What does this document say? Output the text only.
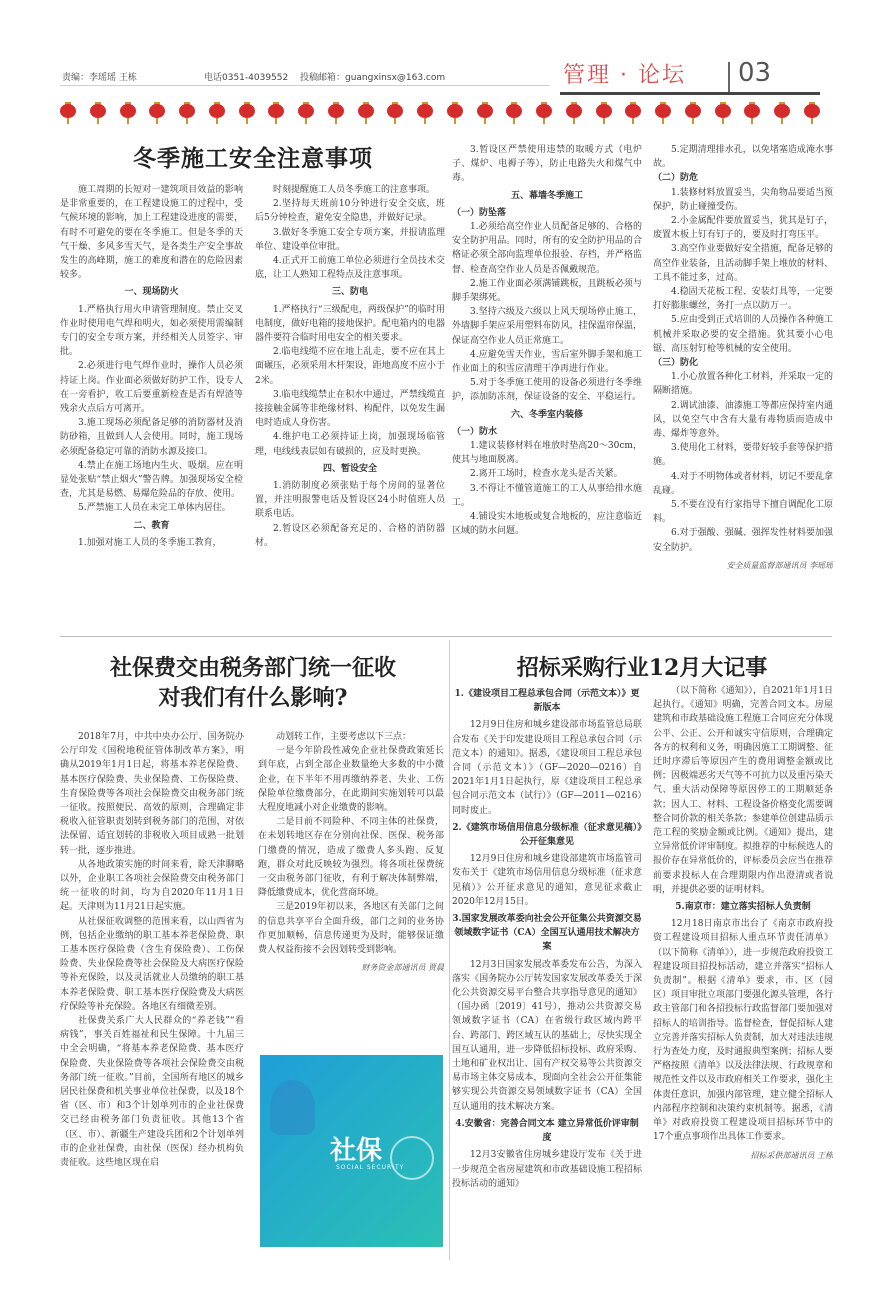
责编：李瑶瑶 王栋	电话0351-4039552 投稿邮箱：guangxinsx@163.com	管理 · 论坛 03
冬季施工安全注意事项

施工周期的长短对一建筑项目效益的影响是非常重要的，在工程建设施工的过程中，受气候环境的影响，加上工程建设进度的需要，有时不可避免的要在冬季施工。但是冬季的天气干燥、多风多雪天气，是各类生产安全事故发生的高峰期，施工的难度和潜在的危险因素较多。

一、现场防火

1.严格执行用火申请管理制度。禁止交叉作业时使用电气焊和明火，如必须使用需编制专门的安全专项方案，并经相关人员签字、审批。

2.必须进行电气焊作业时，操作人员必须持证上岗。作业面必须做好防护工作，设专人在一旁看护，收工后要重新检查是否有焊渣等残余火点后方可离开。

3.施工现场必须配备足够的消防器材及消防砂箱，且做到人人会使用。同时，施工现场必须配备稳定可靠的消防水源及接口。

4.禁止在施工场地内生火、吸烟。应在明显处张贴“禁止烟火”警告牌。加强现场安全检查，尤其是易燃、易爆危险品的存放、使用。

5.严禁施工人员在未完工单体内居住。

二、教育

1.加强对施工人员的冬季施工教育，

时刻提醒施工人员冬季施工的注意事项。

2.坚持每天班前10分钟进行安全交底，班后5分钟检查，避免安全隐患，并做好记录。

3.做好冬季施工安全专项方案，并报请监理单位、建设单位审批。

4.正式开工前施工单位必须进行全员技术交底，让工人熟知工程特点及注意事项。

三、防电

1.严格执行“三级配电，两级保护”的临时用电制度，做好电箱的接地保护。配电箱内的电器器件要符合临时用电安全的相关要求。

2.临电线缆不应在地上乱走，要不应在其上面碾压，必须采用木杆架设，距地高度不应小于2米。

3.临电线缆禁止在积水中通过，严禁线缆直接接触金属等非绝缘材料、构配件，以免发生漏电时造成人身伤害。

4.维护电工必须持证上岗，加强现场临管理，电线线表层如有破损的，应及时更换。

四、暂设安全

1.消防制度必须张贴于每个房间的显著位置，并注明报警电话及暂设区24小时值班人员联系电话。

2.暂设区必须配备充足的、合格的消防器材。

3.暂设区严禁使用违禁的取暖方式（电炉子、煤炉、电褥子等），防止电路失火和煤气中毒。

五、幕墙冬季施工

（一）防坠落

1.必须给高空作业人员配备足够的、合格的安全防护用品。同时，所有的安全防护用品的合格证必须全部向监理单位报验、存档，并严格监督、检查高空作业人员是否佩戴规范。

2.施工作业面必须满铺跳板，且跳板必须与脚手架绑死。

3.坚持六级及六级以上风天现场停止施工，外墙脚手架应采用塑料布防风，挂保温帘保温，保证高空作业人员正常施工。

4.应避免雪天作业，雪后室外脚手架和施工作业面上的积雪应清理干净再进行作业。

5.对于冬季施工使用的设备必须进行冬季维护，添加防冻剂，保证设备的安全、平稳运行。

六、冬季室内装修

（一）防水

1.建议装修材料在堆放时垫高20～30cm，使其与地面脱离。

2.离开工场时，检查水龙头是否关紧。

3.不得让不懂管道施工的工人从事给排水施工。

4.铺设实木地板或复合地板的，应注意临近区域的防水问题。

5.定期清理排水孔，以免堵塞造成淹水事故。

（二）防危

1.装修材料放置妥当，尖角物品要适当预保护，防止碰撞受伤。

2.小金属配件要放置妥当，犹其是钉子，废置木板上钉有钉子的，要及时打弯压平。

3.高空作业要做好安全措施，配备足够的高空作业装备，且活动脚手架上堆放的材料、工具不能过多，过高。

4.稳固天花板工程、安装灯具等，一定要打好膨胀螺丝，务打一点以防万一。

5.应由受到正式培训的人员操作各种施工机械并采取必要的安全措施。犹其要小心电锯、高压射钉枪等机械的安全使用。

（三）防化

1.小心放置各种化工材料，并采取一定的隔断措施。

2.调试油漆、油漆施工等都应保持室内通风，以免空气中含有大量有毒物质而造成中毒、爆炸等意外。

3.使用化工材料，要带好较手套等保护措施。

4.对于不明物体或者材料，切记不要乱拿乱碰。

5.不要在没有行家指导下擅自调配化工原料。

6.对于强酸、强碱、强挥发性材料要加强安全防护。

安全质量监督部通讯员 李瑶瑶

社保费交由税务部门统一征收
对我们有什么影响?

2018年7月，中共中央办公厅、国务院办公厅印发《国税地税征管体制改革方案》，明确从2019年1月1日起，将基本养老保险费、基本医疗保险费、失业保险费、工伤保险费、生育保险费等各项社会保险费交由税务部门统一征收。按照便民、高效的原则，合理确定非税收入征管职责划转到税务部门的范围，对依法保留、适宜划转的非税收入项目成熟一批划转一批，逐步推进。

从各地政策实施的时间来看，除天津聊略以外，企业职工各项社会保险费交由税务部门统一征收的时间，均为自2020年11月1日起。天津则为11月21日起实施。

从社保征收调整的范围来看，以山西省为例，包括企业缴纳的职工基本养老保险费、职工基本医疗保险费（含生育保险费）、工伤保险费、失业保险费等社会保险及大病医疗保险等补充保险，以及灵活就业人员缴纳的职工基本养老保险费、职工基本医疗保险费及大病医疗保险等补充保险。各地区有细微差别。

社保费关系广大人民群众的“养老钱”“看病钱”，事关百姓福祉和民生保障。十九届三中全会明确，“将基本养老保险费、基本医疗保险费、失业保险费等各项社会保险费交由税务部门统一征收。”目前，全国所有地区的城乡居民社保费和机关事业单位社保费，以及18个省（区、市）和3个计划单列市的企业社保费交已经由税务部门负责征收。其他13个省（区、市）、新疆生产建设兵团和2个计划单列市的企业社保费，由社保（医保）经办机构负责征收。这些地区现在启

动划转工作，主要考虑以下三点：

一是今年阶段性减免企业社保费政策延长到年底，占到全部企业数量绝大多数的中小微企业，在下半年不用再缴纳养老、失业、工伤保险单位缴费部分，在此期间实施划转可以最大程度地减小对企业缴费的影响。

二是目前不同险种、不同主体的社保费，在未划转地区存在分别向社保、医保、税务部门缴费的情况，造成了缴费人多头跑、反复跑，群众对此反映较为强烈。将各项社保费统一交由税务部门征收，有利于解决体制弊端，降低缴费成本，优化营商环境。

三是2019年初以来，各地区有关部门之间的信息共享平台全面升级，部门之间的业务协作更加顺畅，信息传递更为及时，能够保证缴费人权益衔接不会因划转受到影响。

财务资金部通讯员 贾晨

社保
SOCIAL SECURITY
招标采购行业12月大记事
1.《建设项目工程总承包合同（示范文本）》更新版本

12月9日住房和城乡建设部市场监管总局联合发布《关于印发建设项目工程总承包合同（示范文本）的通知》。据悉，《建设项目工程总承包合同（示范文本）》（GF—2020—0216）自2021年1月1日起执行，原《建设项目工程总承包合同示范文本（试行）》（GF—2011—0216）同时废止。

2.《建筑市场信用信息分级标准（征求意见稿）》公开征集意见

12月9日住房和城乡建设部建筑市场监管司发布关于《建筑市场信用信息分级标准（征求意见稿）》公开征求意见的通知，意见征求截止2020年12月15日。

3.国家发展改革委向社会公开征集公共资源交易领域数字证书（CA）全国互认通用技术解决方案

12月3日国家发展改革委发布公告，为深入落实《国务院办公厅转发国家发展改革委关于深化公共资源交易平台整合共享指导意见的通知》（国办函〔2019〕41号），推动公共资源交易领域数字证书（CA）在省级行政区域内跨平台、跨部门、跨区域互认的基础上，尽快实现全国互认通用，进一步降低招标投标、政府采购、土地和矿业权出让、国有产权交易等公共资源交易市场主体交易成本，现面向全社会公开征集能够实现公共资源交易领域数字证书（CA）全国互认通用的技术解决方案。

4.安徽省：完善合同文本 建立异常低价评审制度

12月3安徽省住房城乡建设厅发布《关于进一步规范全省房屋建筑和市政基础设施工程招标投标活动的通知》

（以下简称《通知》），自2021年1月1日起执行。《通知》明确，完善合同文本。房屋建筑和市政基础设施工程施工合同应充分体现公平、公正、公开和诚实守信原则，合理确定各方的权利和义务，明确因施工工期调整、征迁时序滞后等原因产生的费用调整金额或比例；因极端恶劣天气等不可抗力以及重污染天气、重大活动保障等原因停工的工期顺延条款；因人工、材料、工程设备价格变化需要调整合同价款的相关条款；参建单位创建品质示范工程的奖励金额或比例。《通知》提出，建立异常低价评审制度。拟推荐的中标候选人的报价存在异常低价的，评标委员会应当在推荐前要求投标人在合理期限内作出澄清或者说明，并提供必要的证明材料。

5.南京市：建立落实招标人负责制

12月18日南京市出台了《南京市政府投资工程建设项目招标人重点环节责任清单》（以下简称《清单》），进一步规范政府投资工程建设项目招投标活动，建立并落实“招标人负责制”。根据《清单》要求，市、区（园区）项目审批立项部门要强化源头管理，各行政主管部门和各招投标行政监督部门要加强对招标人的培训指导。监督检查，督促招标人建立完善并落实招标人负责制，加大对违法违规行为查处力度，及时通报典型案例；招标人要严格按照《清单》以及法律法规、行政规章和规范性文件以及市政府相关工作要求，强化主体责任意识，加强内部管理，建立健全招标人内部程序控制和决策约束机制等。据悉，《清单》对政府投资工程建设项目招标环节中的17个重点事项作出具体工作要求。

招标采供部通讯员 王栋
